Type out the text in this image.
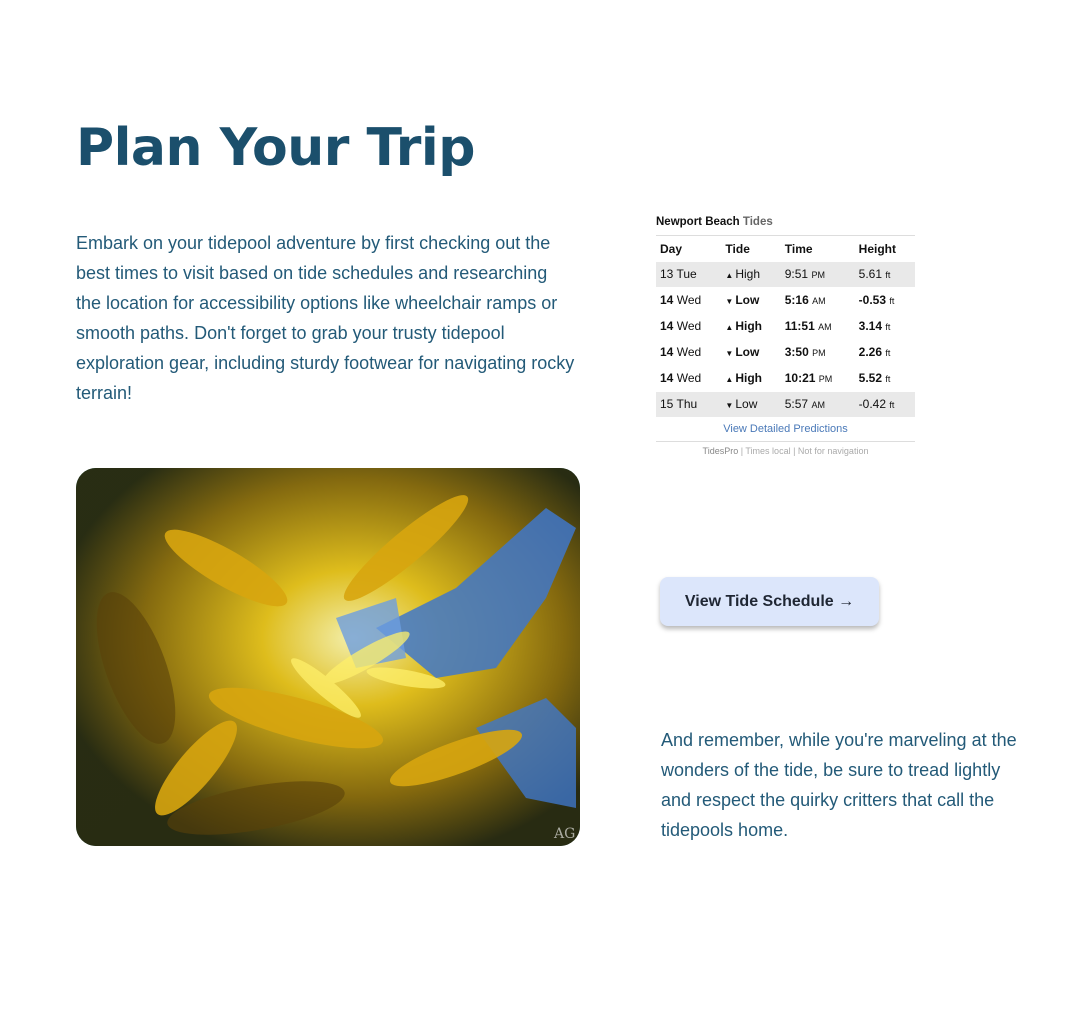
Plan Your Trip

Embark on your tidepool adventure by first checking out the best times to visit based on tide schedules and researching the location for accessibility options like wheelchair ramps or smooth paths. Don't forget to grab your trusty tidepool exploration gear, including sturdy footwear for navigating rocky terrain!

AG
Newport Beach Tides
Day	Tide	Time	Height
13 Tue	▲ High	9:51 PM	5.61 ft
14 Wed	▼ Low	5:16 AM	-0.53 ft
14 Wed	▲ High	11:51 AM	3.14 ft
14 Wed	▼ Low	3:50 PM	2.26 ft
14 Wed	▲ High	10:21 PM	5.52 ft
15 Thu	▼ Low	5:57 AM	-0.42 ft
View Detailed Predictions
TidesPro | Times local | Not for navigation
View Tide Schedule →

And remember, while you're marveling at the wonders of the tide, be sure to tread lightly and respect the quirky critters that call the tidepools home.
